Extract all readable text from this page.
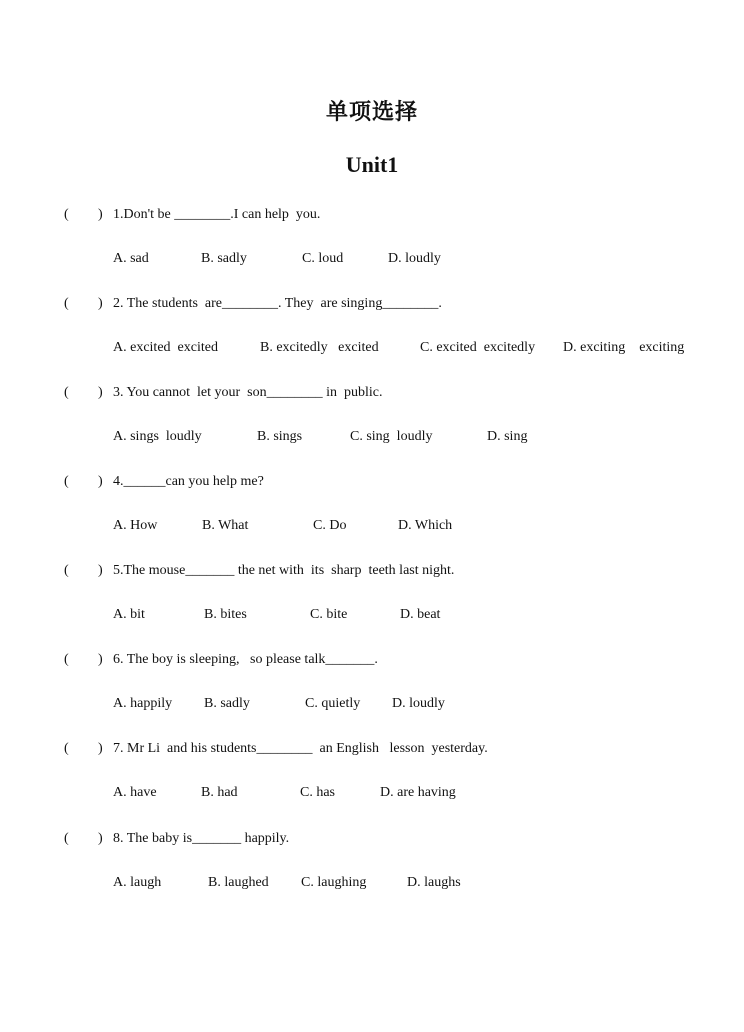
单项选择
Unit1
( ) 1.Don't be ________.I can help  you.
A. sad	B. sadly	C. loud	D. loudly
( ) 2. The students  are________. They  are singing________.
A. excited  excited	B. excitedly   excited	C. excited  excitedly D. exciting    exciting
( ) 3. You cannot  let your  son________ in  public.
A. sings  loudly	B. sings	C. sing  loudly	D. sing
( ) 4.______can you help me?
A. How	B. What	C. Do	D. Which
( ) 5.The mouse_______ the net with  its  sharp  teeth last night.
A. bit	B. bites	C. bite	D. beat
( ) 6. The boy is sleeping,   so please talk_______.
A. happily B. sadly	C. quietly D. loudly
( ) 7. Mr Li  and his students________  an English   lesson  yesterday.
A. have	B. had	C. has	D. are having
( ) 8. The baby is_______ happily.
A. laugh	B. laughed C. laughing	D. laughs
